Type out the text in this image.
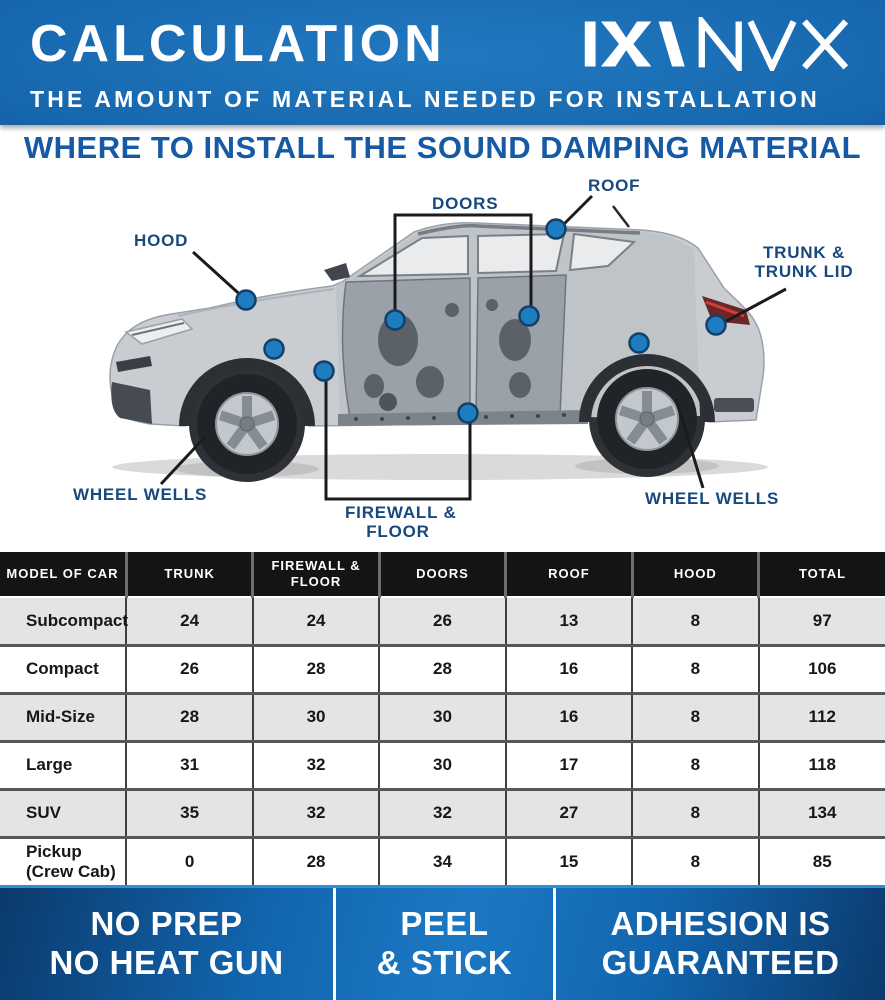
CALCULATION
THE AMOUNT OF MATERIAL NEEDED FOR INSTALLATION
WHERE TO INSTALL THE SOUND DAMPING MATERIAL
HOOD
DOORS
ROOF
TRUNK &
TRUNK LID
WHEEL WELLS	WHEEL WELLS
FIREWALL &
FLOOR
MODEL OF CAR	TRUNK	FIREWALL & FLOOR	DOORS	ROOF	HOOD	TOTAL
Subcompact	24	24	26	13	8	97
Compact	26	28	28	16	8	106
Mid-Size	28	30	30	16	8	112
Large	31	32	30	17	8	118
SUV	35	32	32	27	8	134
Pickup (Crew Cab)	0	28	34	15	8	85
NO PREP
NO HEAT GUN
PEEL
& STICK
ADHESION IS
GUARANTEED
